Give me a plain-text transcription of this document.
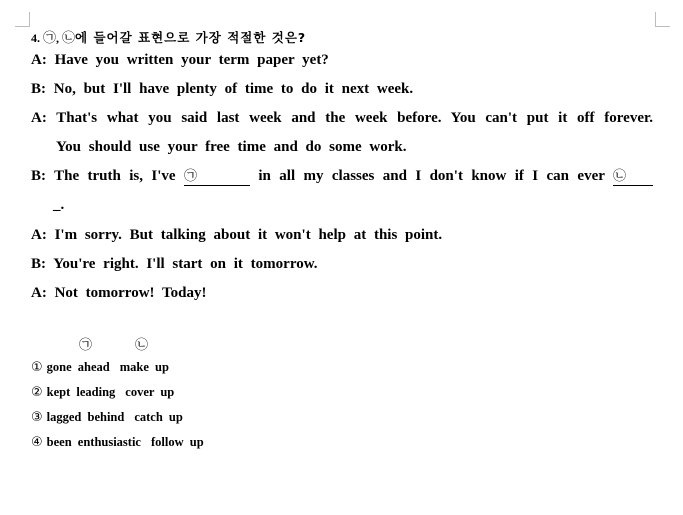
4. ㉠, ㉡에 들어갈 표현으로 가장 적절한 것은?
A: Have you written your term paper yet?
B: No, but I'll have plenty of time to do it next week.
A: That's what you said last week and the week before. You can't put it off forever.
You should use your free time and do some work.
B: The truth is, I've ㉠	in all my classes and I don't know if I can ever ㉡
_.
A: I'm sorry. But talking about it won't help at this point.
B: You're right. I'll start on it tomorrow.
A: Not tomorrow! Today!
㉠	㉡
① gone ahead make up
② kept leading cover up
③ lagged behind catch up
④ been enthusiastic follow up
